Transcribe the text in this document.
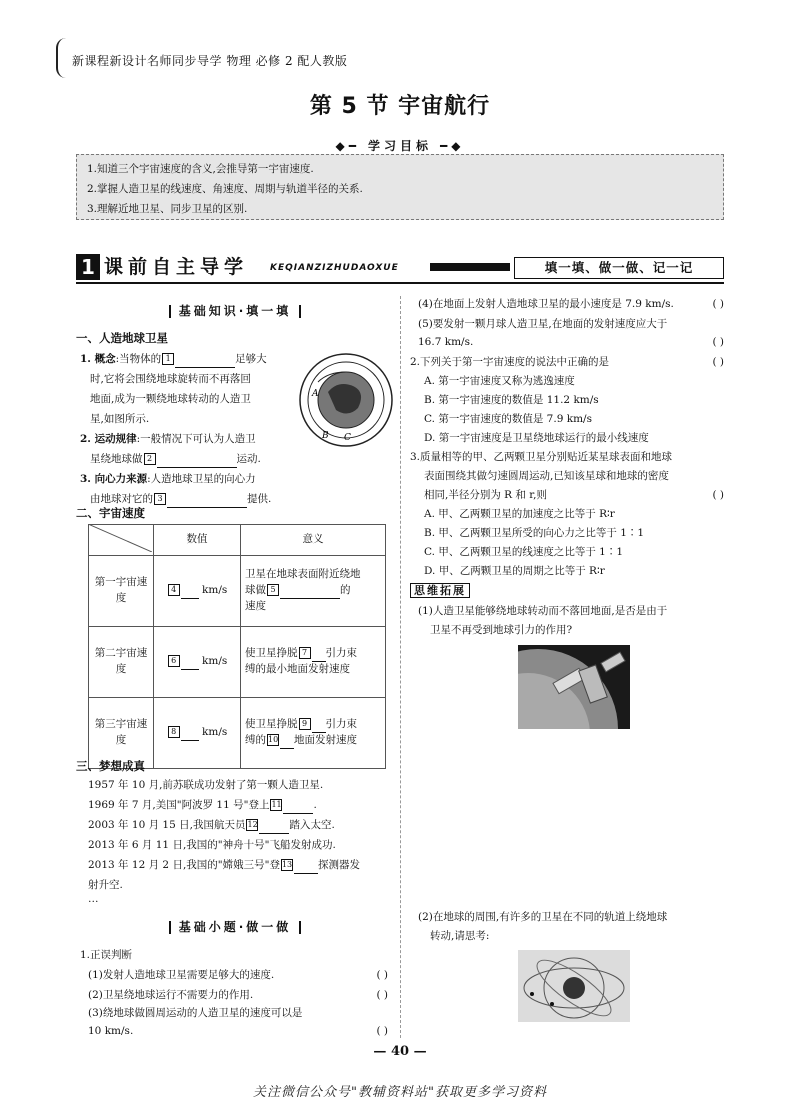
新课程新设计名师同步导学 物理 必修 2 配人教版
第 5 节 宇宙航行
◆━ 学习目标 ━◆
1.知道三个宇宙速度的含义,会推导第一宇宙速度.
2.掌握人造卫星的线速度、角速度、周期与轨道半径的关系.
3.理解近地卫星、同步卫星的区别.
1 课前自主导学 KEQIANZIZHUDAOXUE	填一填、做一做、记一记
基础知识·填一填
一、人造地球卫星
1. 概念:当物体的 1	足够大
时,它将会围绕地球旋转而不再落回
地面,成为一颗绕地球转动的人造卫
星,如图所示.
2. 运动规律:一般情况下可认为人造卫
星绕地球做 2	运动.
3. 向心力来源:人造地球卫星的向心力
由地球对它的 3	提供.
A
B C
二、宇宙速度
	数值	意义
第一宇宙速度	4 km/s	卫星在地球表面附近绕地
球做 5 的
速度
第二宇宙速度	6 km/s	使卫星挣脱 7 引力束
缚的最小地面发射速度
第三宇宙速度	8 km/s	使卫星挣脱 9 引力束
缚的 10 地面发射速度
三、梦想成真
1957 年 10 月,前苏联成功发射了第一颗人造卫星.
1969 年 7 月,美国"阿波罗 11 号"登上 11	.
2003 年 10 月 15 日,我国航天员 12	踏入太空.
2013 年 6 月 11 日,我国的"神舟十号"飞船发射成功.
2013 年 12 月 2 日,我国的"嫦娥三号"登 13 探测器发
射升空.
…
基础小题·做一做
1.正误判断
(1)发射人造地球卫星需要足够大的速度.	( )
(2)卫星绕地球运行不需要力的作用.	( )
(3)绕地球做圆周运动的人造卫星的速度可以是
10 km/s.	( )
(4)在地面上发射人造地球卫星的最小速度是 7.9 km/s.	( )
(5)要发射一颗月球人造卫星,在地面的发射速度应大于
16.7 km/s.	( )
2.下列关于第一宇宙速度的说法中正确的是	( )
A. 第一宇宙速度又称为逃逸速度
B. 第一宇宙速度的数值是 11.2 km/s
C. 第一宇宙速度的数值是 7.9 km/s
D. 第一宇宙速度是卫星绕地球运行的最小线速度
3.质量相等的甲、乙两颗卫星分别贴近某星球表面和地球
表面围绕其做匀速圆周运动,已知该星球和地球的密度
相同,半径分别为 R 和 r,则	( )
A. 甲、乙两颗卫星的加速度之比等于 R∶r
B. 甲、乙两颗卫星所受的向心力之比等于 1∶1
C. 甲、乙两颗卫星的线速度之比等于 1∶1
D. 甲、乙两颗卫星的周期之比等于 R∶r
思维拓展
(1)人造卫星能够绕地球转动而不落回地面,是否是由于
卫星不再受到地球引力的作用?
(2)在地球的周围,有许多的卫星在不同的轨道上绕地球
转动,请思考:
— 40 —
关注微信公众号"教辅资料站"获取更多学习资料
